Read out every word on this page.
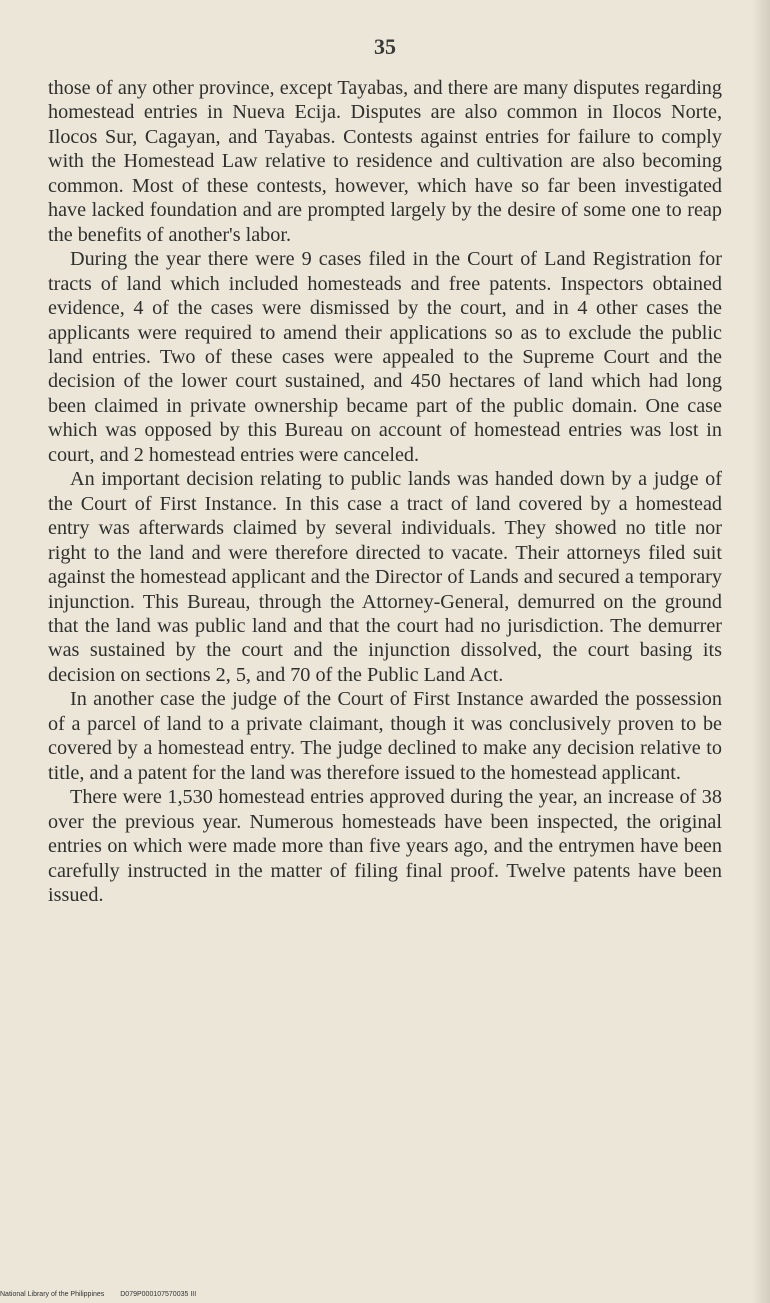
35

those of any other province, except Tayabas, and there are many disputes regarding homestead entries in Nueva Ecija. Disputes are also common in Ilocos Norte, Ilocos Sur, Cagayan, and Tayabas. Contests against entries for failure to comply with the Homestead Law relative to residence and cultivation are also becoming common. Most of these contests, however, which have so far been investigated have lacked foundation and are prompted largely by the desire of some one to reap the benefits of another's labor.

During the year there were 9 cases filed in the Court of Land Registration for tracts of land which included homesteads and free patents. Inspectors obtained evidence, 4 of the cases were dismissed by the court, and in 4 other cases the applicants were required to amend their applications so as to exclude the public land entries. Two of these cases were appealed to the Supreme Court and the decision of the lower court sustained, and 450 hectares of land which had long been claimed in private ownership became part of the public domain. One case which was opposed by this Bureau on account of homestead entries was lost in court, and 2 homestead entries were canceled.

An important decision relating to public lands was handed down by a judge of the Court of First Instance. In this case a tract of land covered by a homestead entry was afterwards claimed by several individuals. They showed no title nor right to the land and were therefore directed to vacate. Their attorneys filed suit against the homestead applicant and the Director of Lands and secured a temporary injunction. This Bureau, through the Attorney-General, demurred on the ground that the land was public land and that the court had no jurisdiction. The demurrer was sustained by the court and the injunction dissolved, the court basing its decision on sections 2, 5, and 70 of the Public Land Act.

In another case the judge of the Court of First Instance awarded the possession of a parcel of land to a private claimant, though it was conclusively proven to be covered by a homestead entry. The judge declined to make any decision relative to title, and a patent for the land was therefore issued to the homestead applicant.

There were 1,530 homestead entries approved during the year, an increase of 38 over the previous year. Numerous homesteads have been inspected, the original entries on which were made more than five years ago, and the entrymen have been carefully instructed in the matter of filing final proof. Twelve patents have been issued.

National Library of the Philippines D079P000107570035 III
